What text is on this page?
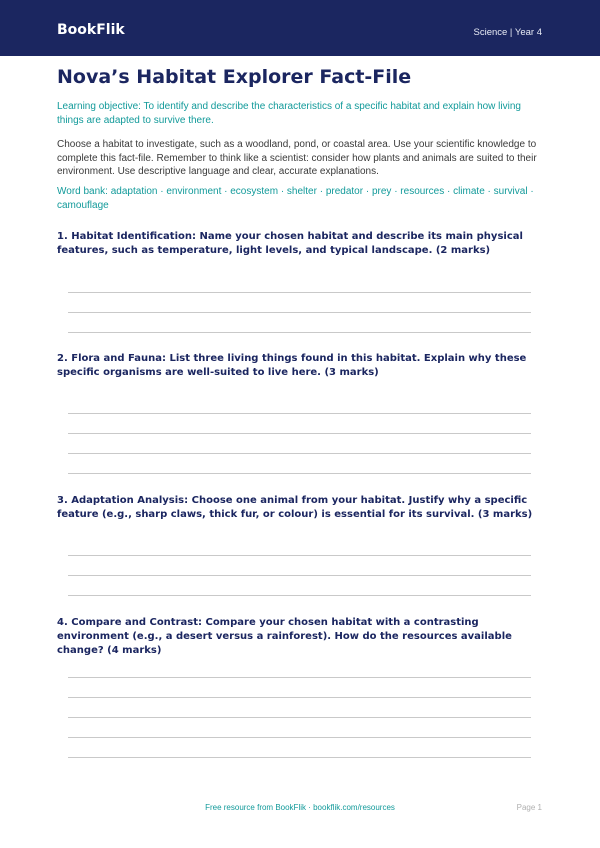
BookFlik	Science | Year 4
Nova’s Habitat Explorer Fact-File
Learning objective: To identify and describe the characteristics of a specific habitat and explain how living things are adapted to survive there.
Choose a habitat to investigate, such as a woodland, pond, or coastal area. Use your scientific knowledge to complete this fact-file. Remember to think like a scientist: consider how plants and animals are suited to their environment. Use descriptive language and clear, accurate explanations.
Word bank: adaptation · environment · ecosystem · shelter · predator · prey · resources · climate · survival · camouflage
1. Habitat Identification: Name your chosen habitat and describe its main physical features, such as temperature, light levels, and typical landscape. (2 marks)
2. Flora and Fauna: List three living things found in this habitat. Explain why these specific organisms are well-suited to live here. (3 marks)
3. Adaptation Analysis: Choose one animal from your habitat. Justify why a specific feature (e.g., sharp claws, thick fur, or colour) is essential for its survival. (3 marks)
4. Compare and Contrast: Compare your chosen habitat with a contrasting environment (e.g., a desert versus a rainforest). How do the resources available change? (4 marks)
Free resource from BookFlik · bookflik.com/resources	Page 1
